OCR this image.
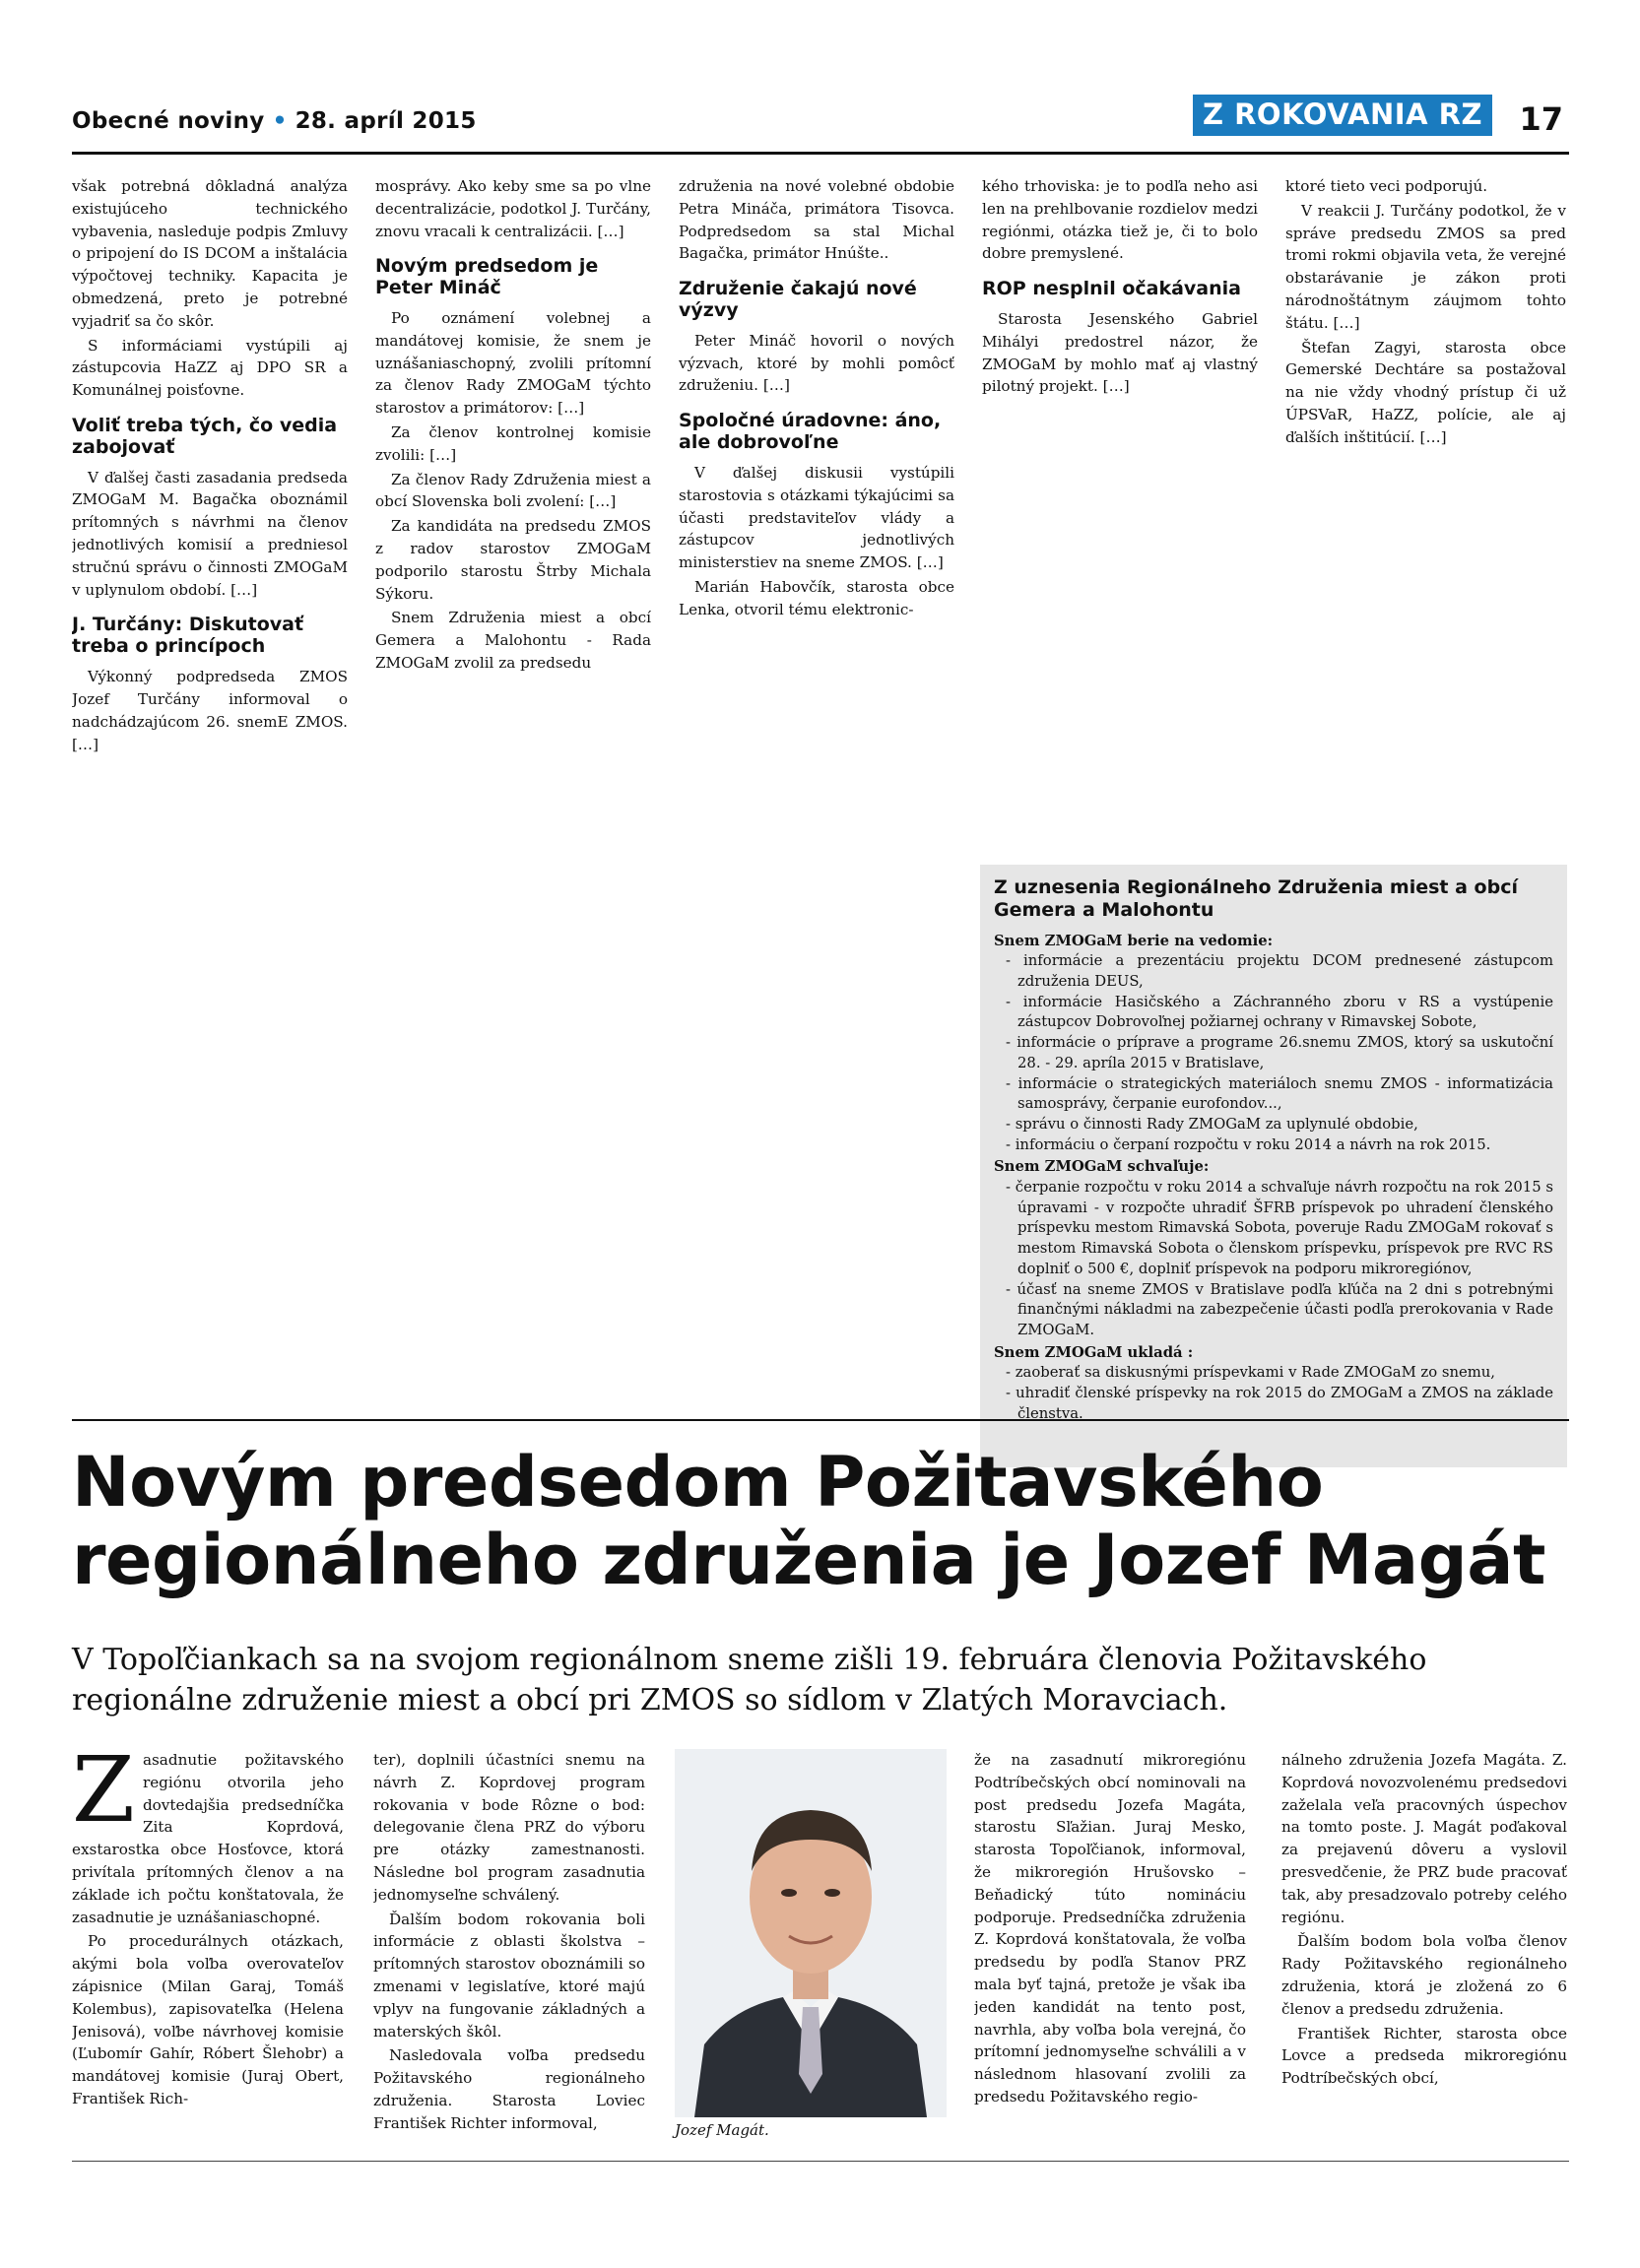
Obecné noviny • 28. apríl 2015	Z ROKOVANIA RZ	17

však potrebná dôkladná analýza existujúceho technického vybavenia, nasleduje podpis Zmluvy o pripojení do IS DCOM a inštalácia výpočtovej techniky. Kapacita je obmedzená, preto je potrebné vyjadriť sa čo skôr.

S informáciami vystúpili aj zástupcovia HaZZ aj DPO SR a Komunálnej poisťovne.

Voliť treba tých, čo vedia zabojovať

V ďalšej časti zasadania predseda ZMOGaM M. Bagačka oboznámil prítomných s návrhmi na členov jednotlivých komisií a predniesol stručnú správu o činnosti ZMOGaM v uplynulom období. […]

J. Turčány: Diskutovať treba o princípoch

Výkonný podpredseda ZMOS Jozef Turčány informoval o nadchádzajúcom 26. snemE ZMOS. […]

mosprávy. Ako keby sme sa po vlne decentralizácie, podotkol J. Turčány, znovu vracali k centralizácii. […]

Novým predsedom je Peter Mináč

Po oznámení volebnej a mandátovej komisie, že snem je uznášaniaschopný, zvolili prítomní za členov Rady ZMOGaM týchto starostov a primátorov: […]

Za členov kontrolnej komisie zvolili: […]

Za členov Rady Združenia miest a obcí Slovenska boli zvolení: […]

Za kandidáta na predsedu ZMOS z radov starostov ZMOGaM podporilo starostu Štrby Michala Sýkoru.

Snem Združenia miest a obcí Gemera a Malohontu - Rada ZMOGaM zvolil za predsedu

združenia na nové volebné obdobie Petra Mináča, primátora Tisovca. Podpredsedom sa stal Michal Bagačka, primátor Hnúšte..

Združenie čakajú nové výzvy

Peter Mináč hovoril o nových výzvach, ktoré by mohli pomôcť združeniu. […]

Spoločné úradovne: áno, ale dobrovoľne

V ďalšej diskusii vystúpili starostovia s otázkami týkajúcimi sa účasti predstaviteľov vlády a zástupcov jednotlivých ministerstiev na sneme ZMOS. […]

Marián Habovčík, starosta obce Lenka, otvoril tému elektronic-

kého trhoviska: je to podľa neho asi len na prehlbovanie rozdielov medzi regiónmi, otázka tiež je, či to bolo dobre premyslené.

ROP nesplnil očakávania

Starosta Jesenského Gabriel Mihályi predostrel názor, že ZMOGaM by mohlo mať aj vlastný pilotný projekt. […]

ktoré tieto veci podporujú.

V reakcii J. Turčány podotkol, že v správe predsedu ZMOS sa pred tromi rokmi objavila veta, že verejné obstarávanie je zákon proti národnoštátnym záujmom tohto štátu. […]

Štefan Zagyi, starosta obce Gemerské Dechtáre sa postažoval na nie vždy vhodný prístup či už ÚPSVaR, HaZZ, polície, ale aj ďalších inštitúcií. […]

Z uznesenia Regionálneho Združenia miest a obcí Gemera a Malohontu
Snem ZMOGaM berie na vedomie:
- informácie a prezentáciu projektu DCOM prednesené zástupcom združenia DEUS,
- informácie Hasičského a Záchranného zboru v RS a vystúpenie zástupcov Dobrovoľnej požiarnej ochrany v Rimavskej Sobote,
- informácie o príprave a programe 26.snemu ZMOS, ktorý sa uskutoční 28. - 29. apríla 2015 v Bratislave,
- informácie o strategických materiáloch snemu ZMOS - informatizácia samosprávy, čerpanie eurofondov...,
- správu o činnosti Rady ZMOGaM za uplynulé obdobie,
- informáciu o čerpaní rozpočtu v roku 2014 a návrh na rok 2015.
Snem ZMOGaM schvaľuje:
- čerpanie rozpočtu v roku 2014 a schvaľuje návrh rozpočtu na rok 2015 s úpravami - v rozpočte uhradiť ŠFRB príspevok po uhradení členského príspevku mestom Rimavská Sobota, poveruje Radu ZMOGaM rokovať s mestom Rimavská Sobota o členskom príspevku, príspevok pre RVC RS doplniť o 500 €, doplniť príspevok na podporu mikroregiónov,
- účasť na sneme ZMOS v Bratislave podľa kľúča na 2 dni s potrebnými finančnými nákladmi na zabezpečenie účasti podľa prerokovania v Rade ZMOGaM.
Snem ZMOGaM ukladá :
- zaoberať sa diskusnými príspevkami v Rade ZMOGaM zo snemu,
- uhradiť členské príspevky na rok 2015 do ZMOGaM a ZMOS na základe členstva.
Novým predsedom Požitavského
regionálneho združenia je Jozef Magát
V Topoľčiankach sa na svojom regionálnom sneme zišli 19. februára členovia Požitavského regionálne združenie miest a obcí pri ZMOS so sídlom v Zlatých Moravciach.
Z asadnutie požitavského regiónu otvorila jeho dovtedajšia predsedníčka Zita Koprdová, exstarostka obce Hosťovce, ktorá privítala prítomných členov a na základe ich počtu konštatovala, že zasadnutie je uznášaniaschopné.

Po procedurálnych otázkach, akými bola voľba overovateľov zápisnice (Milan Garaj, Tomáš Kolembus), zapisovateľka (Helena Jenisová), voľbe návrhovej komisie (Ľubomír Gahír, Róbert Šlehobr) a mandátovej komisie (Juraj Obert, František Rich-

ter), doplnili účastníci snemu na návrh Z. Koprdovej program rokovania v bode Rôzne o bod: delegovanie člena PRZ do výboru pre otázky zamestnanosti. Následne bol program zasadnutia jednomyseľne schválený.

Ďalším bodom rokovania boli informácie z oblasti školstva – prítomných starostov oboznámili so zmenami v legislatíve, ktoré majú vplyv na fungovanie základných a materských škôl.

Nasledovala voľba predsedu Požitavského regionálneho združenia. Starosta Loviec František Richter informoval,	Jozef Magát.

že na zasadnutí mikroregiónu Podtríbečských obcí nominovali na post predsedu Jozefa Magáta, starostu Sľažian. Juraj Mesko, starosta Topoľčianok, informoval, že mikroregión Hrušovsko – Beňadický túto nomináciu podporuje. Predsedníčka združenia Z. Koprdová konštatovala, že voľba predsedu by podľa Stanov PRZ mala byť tajná, pretože je však iba jeden kandidát na tento post, navrhla, aby voľba bola verejná, čo prítomní jednomyseľne schválili a v následnom hlasovaní zvolili za predsedu Požitavského regio-

nálneho združenia Jozefa Magáta. Z. Koprdová novozvolenému predsedovi zaželala veľa pracovných úspechov na tomto poste. J. Magát poďakoval za prejavenú dôveru a vyslovil presvedčenie, že PRZ bude pracovať tak, aby presadzovalo potreby celého regiónu.

Ďalším bodom bola voľba členov Rady Požitavského regionálneho združenia, ktorá je zložená zo 6 členov a predsedu združenia.

František Richter, starosta obce Lovce a predseda mikroregiónu Podtríbečských obcí,
